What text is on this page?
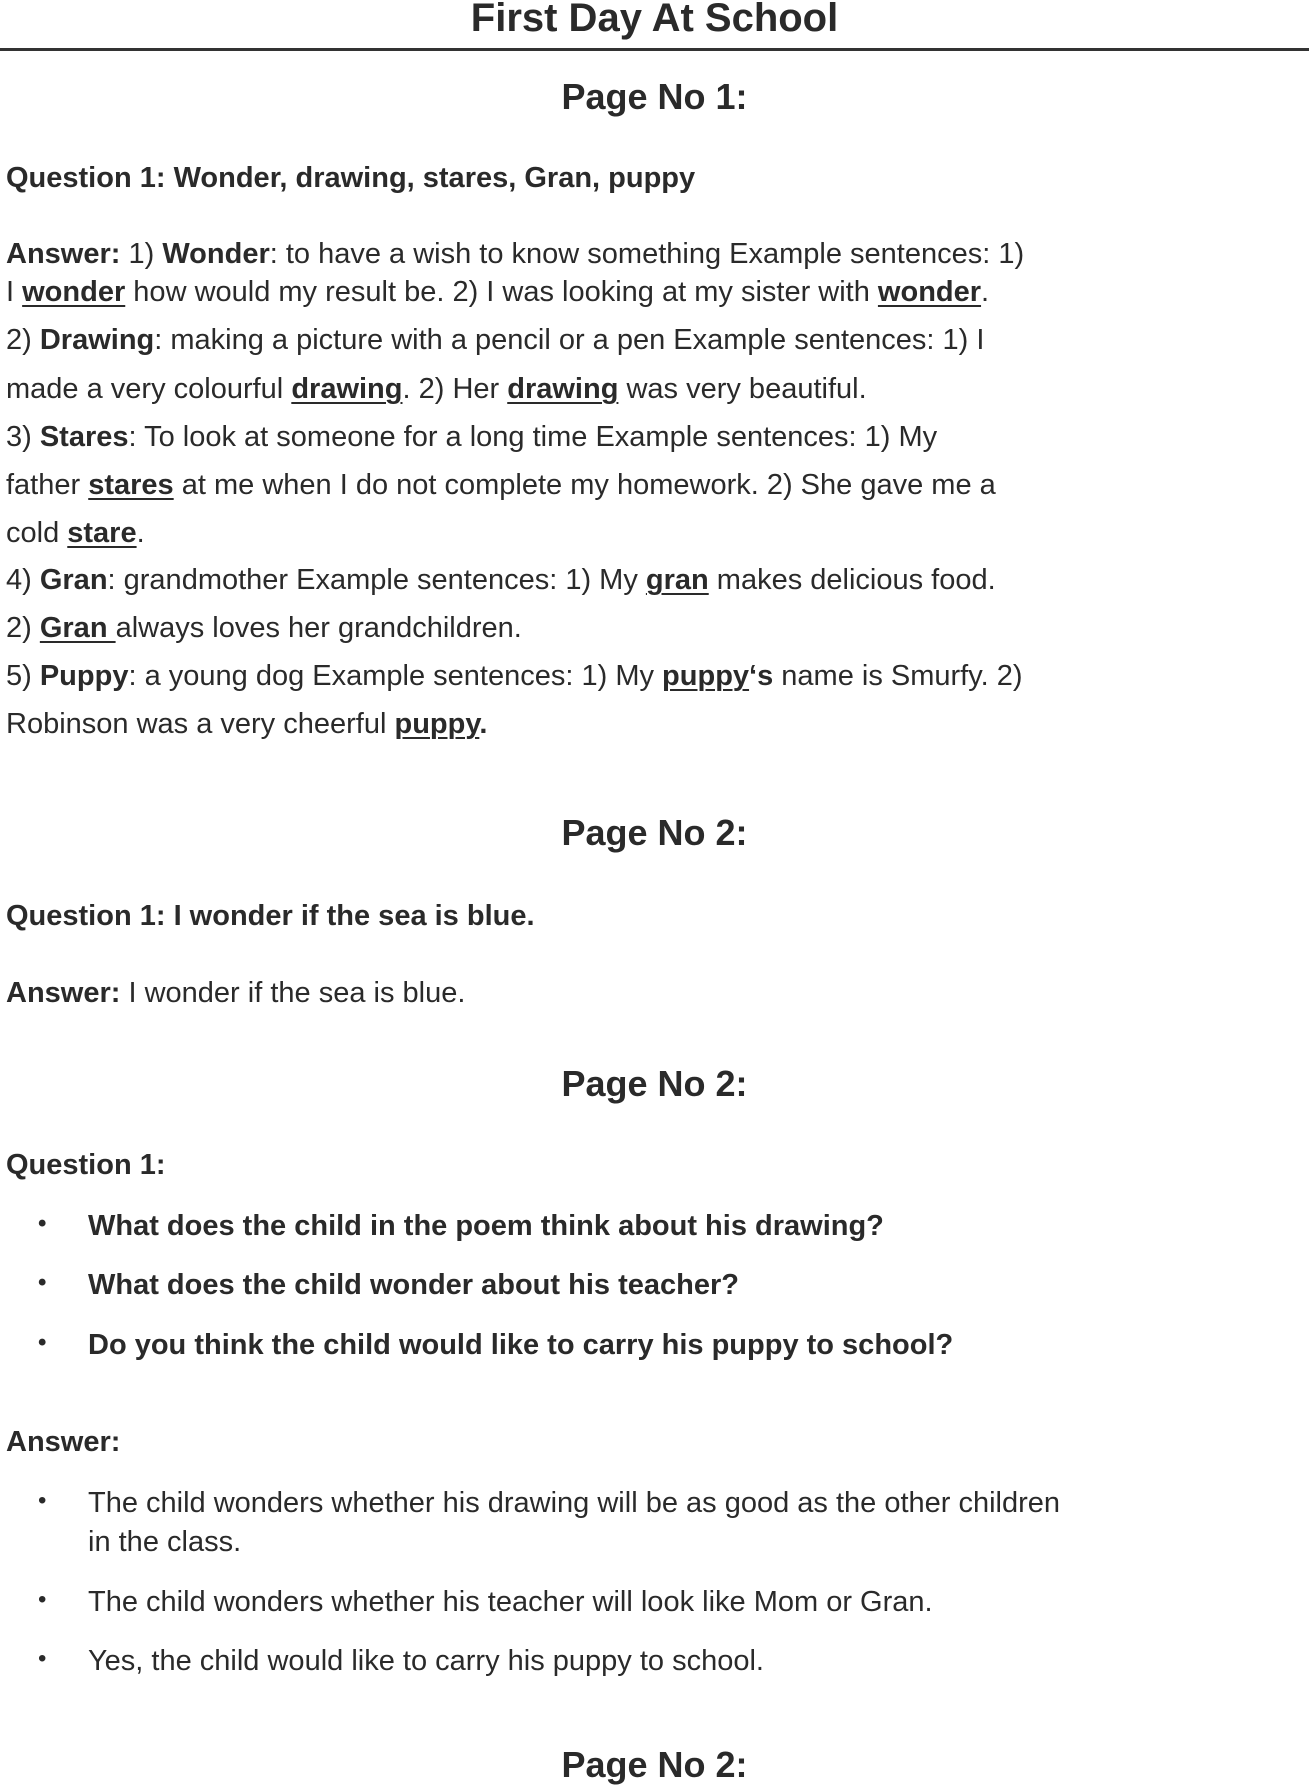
First Day At School
Page No 1:
Question 1: Wonder, drawing, stares, Gran, puppy
Answer: 1) Wonder: to have a wish to know something Example sentences: 1)
I wonder how would my result be. 2) I was looking at my sister with wonder.
2) Drawing: making a picture with a pencil or a pen Example sentences: 1) I
made a very colourful drawing. 2) Her drawing was very beautiful.
3) Stares: To look at someone for a long time Example sentences: 1) My
father stares at me when I do not complete my homework. 2) She gave me a
cold stare.
4) Gran: grandmother Example sentences: 1) My gran makes delicious food.
2) Gran always loves her grandchildren.
5) Puppy: a young dog Example sentences: 1) My puppy‘s name is Smurfy. 2)
Robinson was a very cheerful puppy.
Page No 2:
Question 1: I wonder if the sea is blue.
Answer: I wonder if the sea is blue.
Page No 2:
Question 1:
• What does the child in the poem think about his drawing?
• What does the child wonder about his teacher?
• Do you think the child would like to carry his puppy to school?
Answer:
• The child wonders whether his drawing will be as good as the other children
in the class.
• The child wonders whether his teacher will look like Mom or Gran.
• Yes, the child would like to carry his puppy to school.
Page No 2:
